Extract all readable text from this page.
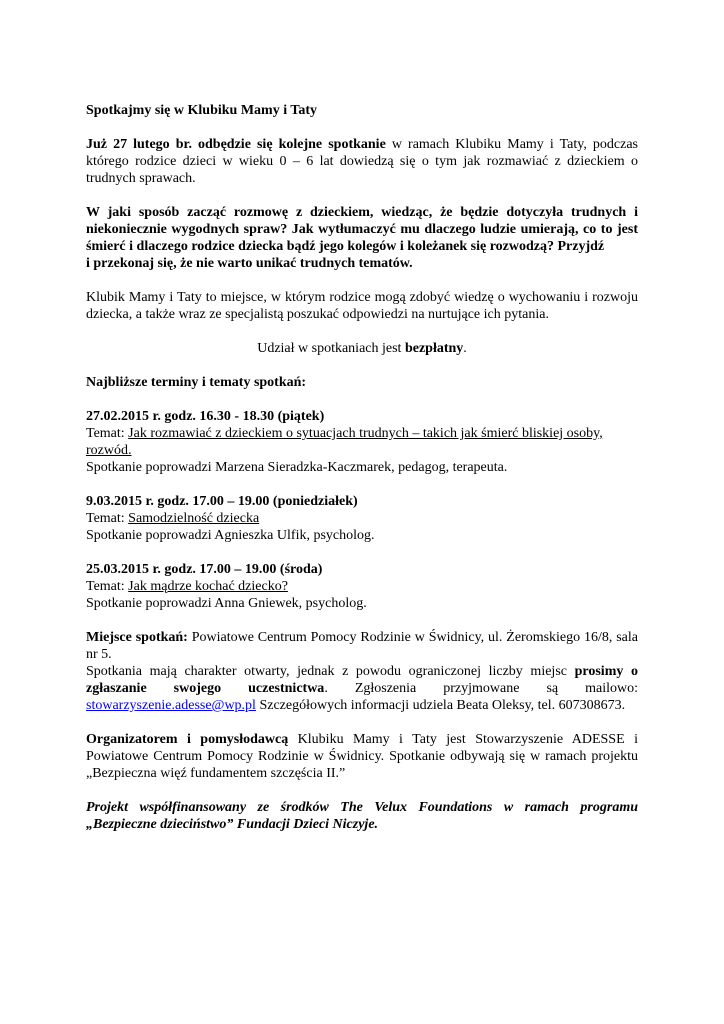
Spotkajmy się w Klubiku Mamy i Taty

Już 27 lutego br. odbędzie się kolejne spotkanie w ramach Klubiku Mamy i Taty, podczas którego rodzice dzieci w wieku 0 – 6 lat dowiedzą się o tym jak rozmawiać z dzieckiem o trudnych sprawach.

W jaki sposób zacząć rozmowę z dzieckiem, wiedząc, że będzie dotyczyła trudnych i niekoniecznie wygodnych spraw? Jak wytłumaczyć mu dlaczego ludzie umierają, co to jest śmierć i dlaczego rodzice dziecka bądź jego kolegów i koleżanek się rozwodzą? Przyjdź

i przekonaj się, że nie warto unikać trudnych tematów.

Klubik Mamy i Taty to miejsce, w którym rodzice mogą zdobyć wiedzę o wychowaniu i rozwoju dziecka, a także wraz ze specjalistą poszukać odpowiedzi na nurtujące ich pytania.

Udział w spotkaniach jest bezpłatny.

Najbliższe terminy i tematy spotkań:

27.02.2015 r. godz. 16.30 - 18.30 (piątek)

Temat: Jak rozmawiać z dzieckiem o sytuacjach trudnych – takich jak śmierć bliskiej osoby, rozwód.

Spotkanie poprowadzi Marzena Sieradzka-Kaczmarek, pedagog, terapeuta.

9.03.2015 r. godz. 17.00 – 19.00 (poniedziałek)

Temat: Samodzielność dziecka

Spotkanie poprowadzi Agnieszka Ulfik, psycholog.

25.03.2015 r. godz. 17.00 – 19.00 (środa)

Temat: Jak mądrze kochać dziecko?

Spotkanie poprowadzi Anna Gniewek, psycholog.

Miejsce spotkań: Powiatowe Centrum Pomocy Rodzinie w Świdnicy, ul. Żeromskiego 16/8, sala nr 5.

Spotkania mają charakter otwarty, jednak z powodu ograniczonej liczby miejsc prosimy o zgłaszanie swojego uczestnictwa. Zgłoszenia przyjmowane są mailowo: stowarzyszenie.adesse@wp.pl Szczegółowych informacji udziela Beata Oleksy, tel. 607308673.

Organizatorem i pomysłodawcą Klubiku Mamy i Taty jest Stowarzyszenie ADESSE i Powiatowe Centrum Pomocy Rodzinie w Świdnicy. Spotkanie odbywają się w ramach projektu „Bezpieczna więź fundamentem szczęścia II.”

Projekt współfinansowany ze środków The Velux Foundations w ramach programu „Bezpieczne dzieciństwo” Fundacji Dzieci Niczyje.
